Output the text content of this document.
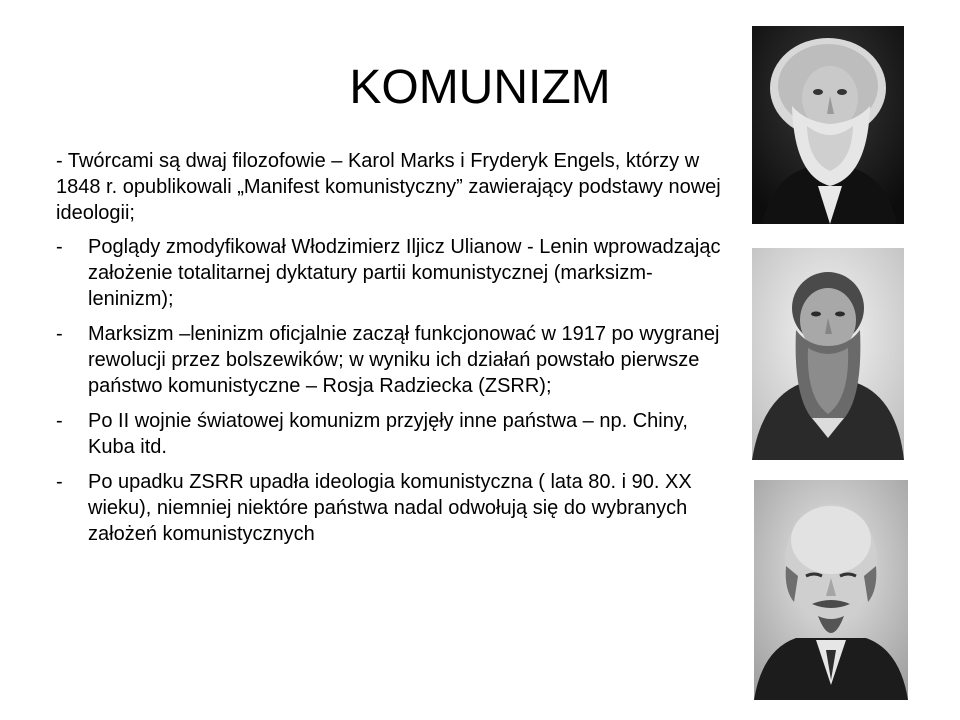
KOMUNIZM

- Twórcami są dwaj filozofowie – Karol Marks i Fryderyk Engels, którzy w 1848 r. opublikowali „Manifest komunistyczny” zawierający podstawy nowej ideologii;

- Poglądy zmodyfikował Włodzimierz Iljicz Ulianow - Lenin wprowadzając założenie totalitarnej dyktatury partii komunistycznej (marksizm-leninizm);
- Marksizm –leninizm oficjalnie zaczął funkcjonować w 1917 po wygranej rewolucji przez bolszewików; w wyniku ich działań powstało pierwsze państwo komunistyczne – Rosja Radziecka (ZSRR);
- Po II wojnie światowej komunizm przyjęły inne państwa – np. Chiny, Kuba itd.
- Po upadku ZSRR upadła ideologia komunistyczna ( lata 80. i 90. XX wieku), niemniej niektóre państwa nadal odwołują się do wybranych założeń komunistycznych
